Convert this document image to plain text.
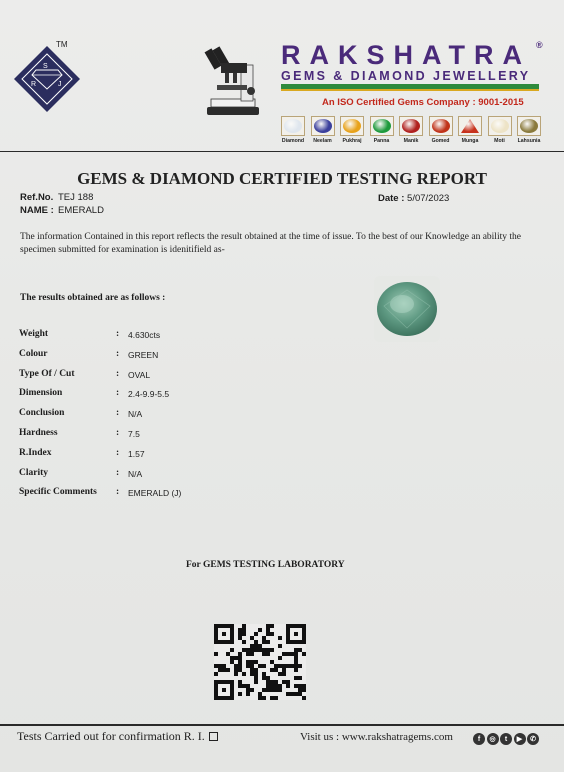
S
R	J
TM	RAKSHATRA ®
GEMS & DIAMOND JEWELLERY
An ISO Certified Gems Company : 9001-2015
Diamond Neelam Pukhraj Panna	Manik	Gomed Munga	Moti Lahsunia
GEMS & DIAMOND CERTIFIED TESTING REPORT
Ref.No. TEJ 188
NAME : EMERALD
Date : 5/07/2023
The information Contained in this report reflects the result obtained at the time of issue. To the best of our Knowledge an ability the specimen submitted for examination is idenitifield as-
The results obtained are as follows :
Weight	: 4.630cts
Colour	: GREEN
Type Of / Cut	: OVAL
Dimension	: 2.4-9.9-5.5
Conclusion	: N/A
Hardness	: 7.5
R.Index	: 1.57
Clarity	: N/A
Specific Comments : EMERALD (J)
For GEMS TESTING LABORATORY
Tests Carried out for confirmation R. I.	Visit us : www.rakshatragems.com	f	◎	t	▶	✆
